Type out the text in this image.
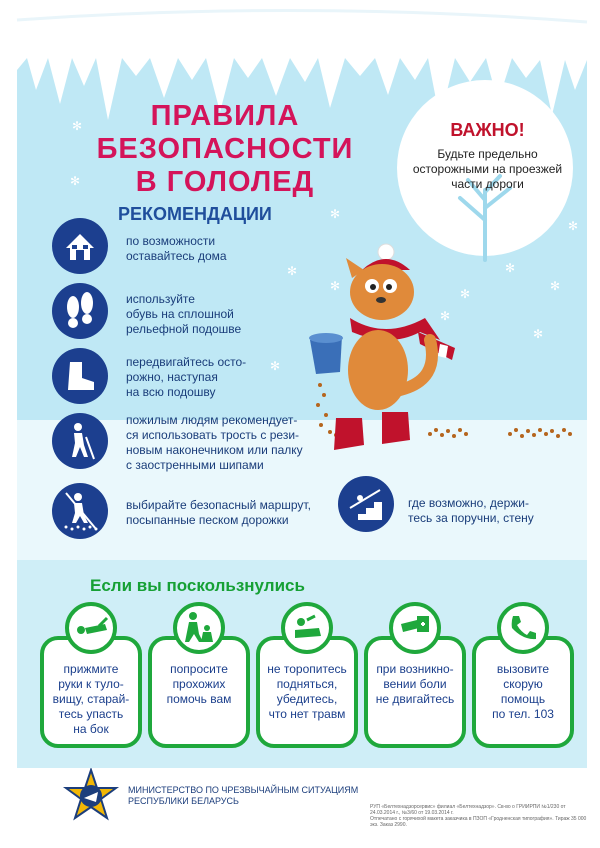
✻
✻
✻
✻
✻
✻
✻
✻
✻
✻
✻
✻
ПРАВИЛА
БЕЗОПАСНОСТИ
В ГОЛОЛЕД
ВАЖНО!
Будьте предельно
осторожными на проезжей
части дороги
РЕКОМЕНДАЦИИ
по возможности
оставайтесь дома
используйте
обувь на сплошной
рельефной подошве
передвигайтесь осто-
рожно, наступая
на всю подошву
пожилым людям рекомендует-
ся использовать трость с рези-
новым наконечником или палку
с заостренными шипами
выбирайте безопасный маршрут,
посыпанные песком дорожки
где возможно, держи-
тесь за поручни, стену
Если вы поскользнулись
прижмите
руки к туло-
вищу, старай-
тесь упасть
на бок
попросите
прохожих
помочь вам
не торопитесь
подняться,
убедитесь,
что нет травм
при возникно-
вении боли
не двигайтесь
вызовите
скорую
помощь
по тел. 103
МИНИСТЕРСТВО ПО ЧРЕЗВЫЧАЙНЫМ СИТУАЦИЯМ
РЕСПУБЛИКИ БЕЛАРУСЬ
РУП «Белтехнадзорсервис» филиал «Белтехнадзор». Св-во о ГРИИРПИ №1/230 от 24.03.2014 г., №3/60 от 19.03.2014 г.
Отпечатано с горячихой макета заказчика в ПЗОП «Гродненская типография». Тираж 35 000 экз. Заказ 2990.
